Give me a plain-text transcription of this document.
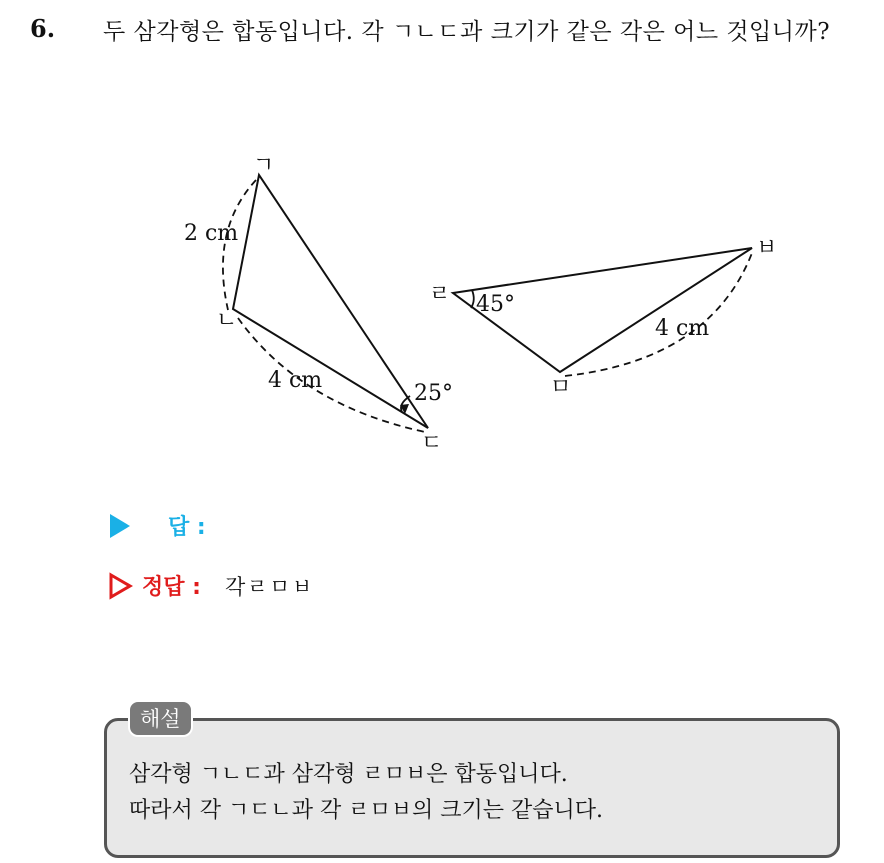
6. 두 삼각형은 합동입니다. 각 ㄱㄴㄷ과 크기가 같은 각은 어느 것입니까?
ㄱ
ㄴ
ㄷ
2 cm
4 cm
25°
ㄹ
ㅁ
ㅂ
45°
4 cm
답 :
정답 : 각ㄹㅁㅂ
삼각형 ㄱㄴㄷ과 삼각형 ㄹㅁㅂ은 합동입니다.
따라서 각 ㄱㄷㄴ과 각 ㄹㅁㅂ의 크기는 같습니다.
해설
